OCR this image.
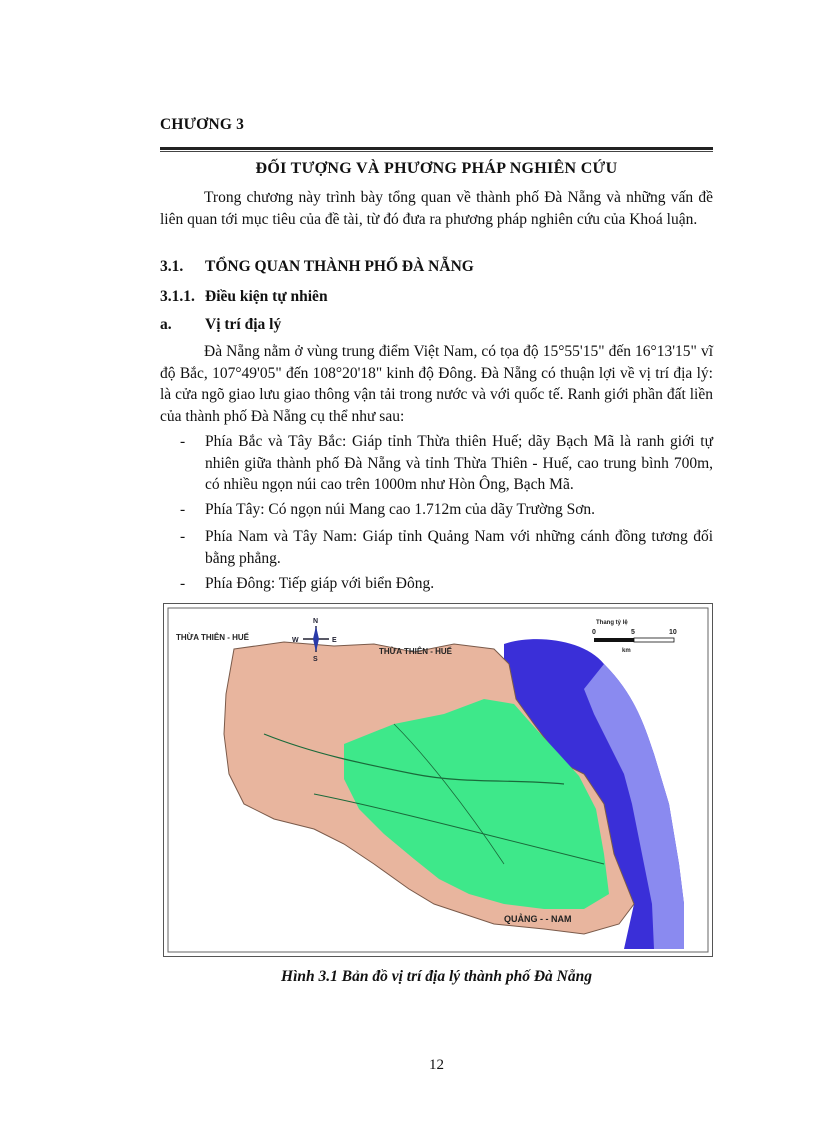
CHƯƠNG 3
ĐỐI TƯỢNG VÀ PHƯƠNG PHÁP NGHIÊN CỨU
Trong chương này trình bày tổng quan về thành phố Đà Nẵng và những vấn đề liên quan tới mục tiêu của đề tài, từ đó đưa ra phương pháp nghiên cứu của Khoá luận.
3.1. TỔNG QUAN THÀNH PHỐ ĐÀ NẴNG
3.1.1. Điều kiện tự nhiên
a. Vị trí địa lý
Đà Nẵng nằm ở vùng trung điểm Việt Nam, có tọa độ 15°55'15" đến 16°13'15" vĩ độ Bắc, 107°49'05" đến 108°20'18" kinh độ Đông. Đà Nẵng có thuận lợi về vị trí địa lý: là cửa ngõ giao lưu giao thông vận tải trong nước và với quốc tế. Ranh giới phần đất liền của thành phố Đà Nẵng cụ thể như sau:
- Phía Bắc và Tây Bắc: Giáp tỉnh Thừa thiên Huế; dãy Bạch Mã là ranh giới tự nhiên giữa thành phố Đà Nẵng và tỉnh Thừa Thiên - Huế, cao trung bình 700m, có nhiều ngọn núi cao trên 1000m như Hòn Ông, Bạch Mã.
- Phía Tây: Có ngọn núi Mang cao 1.712m của dãy Trường Sơn.
- Phía Nam và Tây Nam: Giáp tỉnh Quảng Nam với những cánh đồng tương đối bằng phẳng.
- Phía Đông: Tiếp giáp với biển Đông.
THỪA THIÊN - HUẾ
THỪA THIÊN - HUẾ
QUẢNG - - NAM
Thang tỷ lệ
0	5	10
km
N
S
E
W
Hình 3.1 Bản đồ vị trí địa lý thành phố Đà Nẵng
12
